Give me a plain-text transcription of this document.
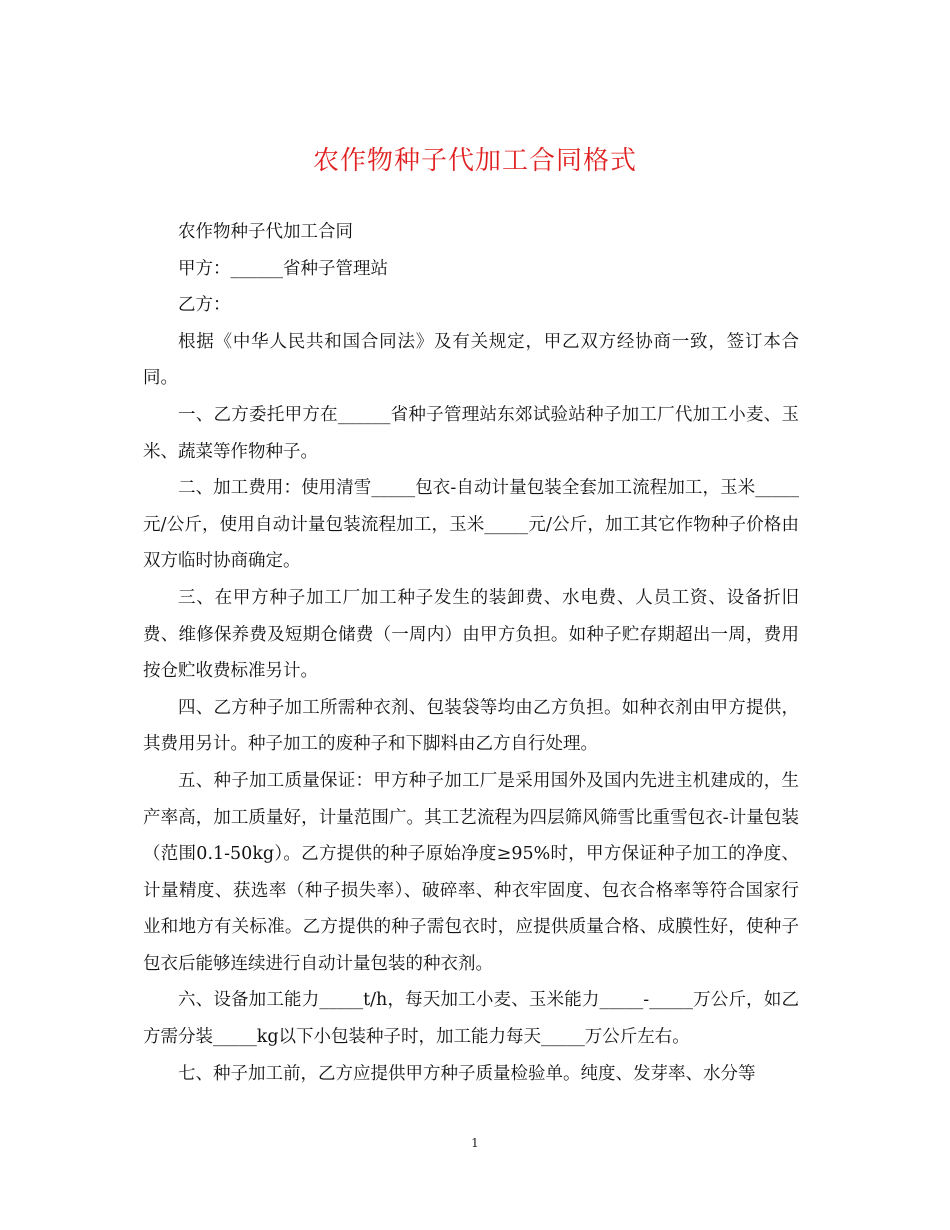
农作物种子代加工合同格式

农作物种子代加工合同

甲方：______省种子管理站

乙方：

根据《中华人民共和国合同法》及有关规定，甲乙双方经协商一致，签订本合同。

一、乙方委托甲方在______省种子管理站东郊试验站种子加工厂代加工小麦、玉米、蔬菜等作物种子。

二、加工费用：使用清雪_____包衣-自动计量包装全套加工流程加工，玉米_____元/公斤，使用自动计量包装流程加工，玉米_____元/公斤，加工其它作物种子价格由双方临时协商确定。

三、在甲方种子加工厂加工种子发生的装卸费、水电费、人员工资、设备折旧费、维修保养费及短期仓储费（一周内）由甲方负担。如种子贮存期超出一周，费用按仓贮收费标准另计。

四、乙方种子加工所需种衣剂、包装袋等均由乙方负担。如种衣剂由甲方提供，其费用另计。种子加工的废种子和下脚料由乙方自行处理。

五、种子加工质量保证：甲方种子加工厂是采用国外及国内先进主机建成的，生产率高，加工质量好，计量范围广。其工艺流程为四层筛风筛雪比重雪包衣-计量包装（范围0.1-50kg）。乙方提供的种子原始净度≥95%时，甲方保证种子加工的净度、计量精度、获选率（种子损失率）、破碎率、种衣牢固度、包衣合格率等符合国家行业和地方有关标准。乙方提供的种子需包衣时，应提供质量合格、成膜性好，使种子包衣后能够连续进行自动计量包装的种衣剂。

六、设备加工能力_____t/h，每天加工小麦、玉米能力_____-_____万公斤，如乙方需分装_____kg以下小包装种子时，加工能力每天_____万公斤左右。

七、种子加工前，乙方应提供甲方种子质量检验单。纯度、发芽率、水分等

1
